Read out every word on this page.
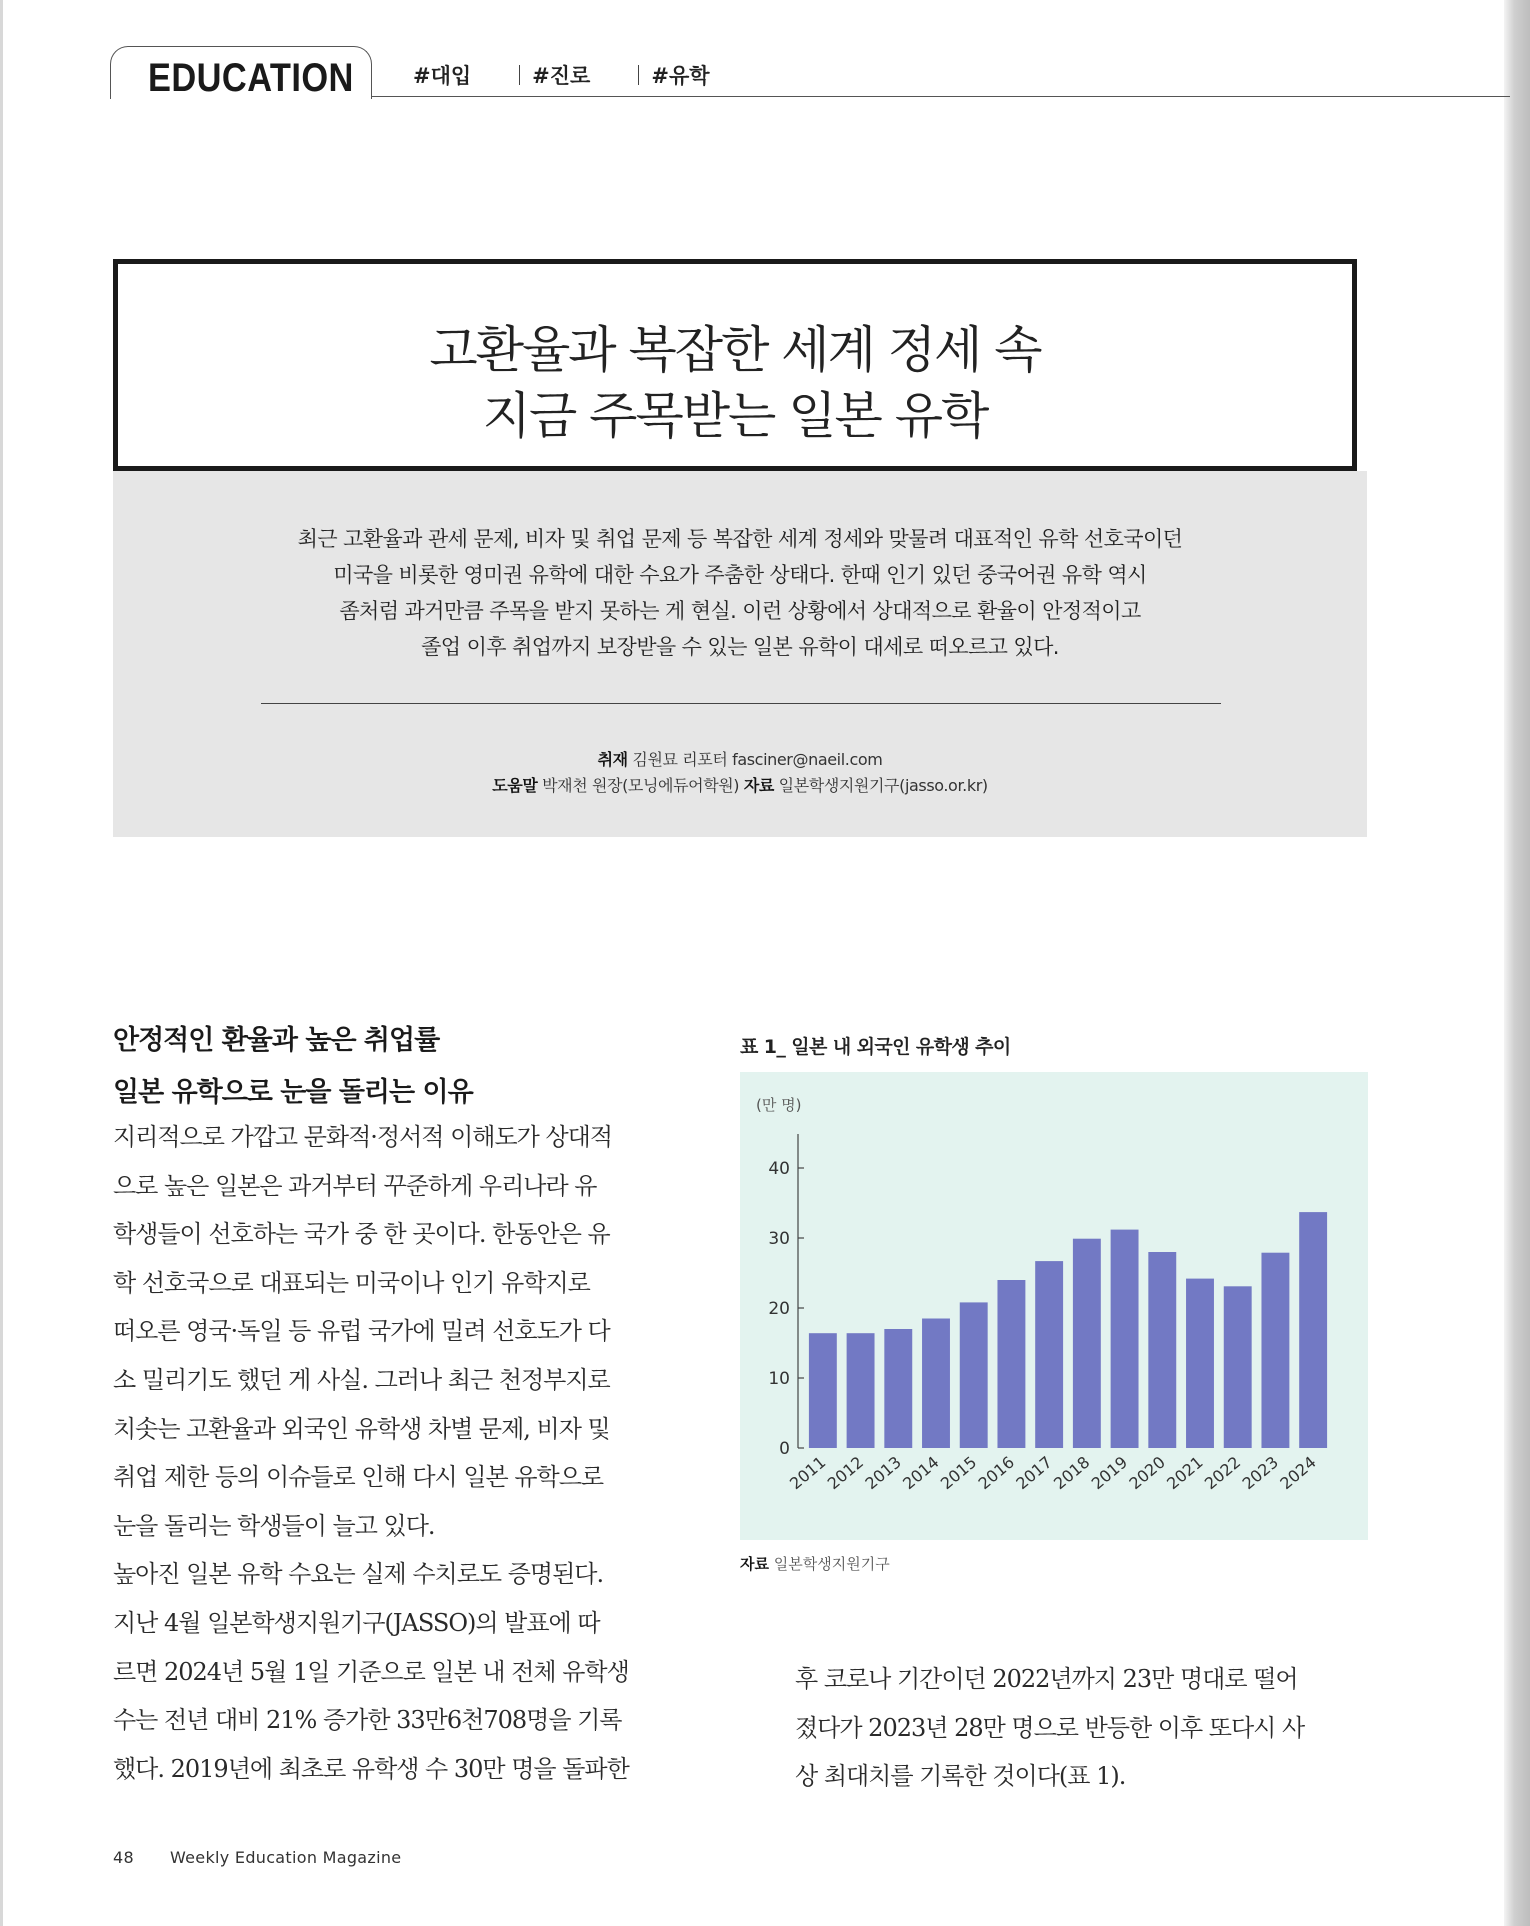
EDUCATION	#대입	#진로	#유학
고환율과 복잡한 세계 정세 속
지금 주목받는 일본 유학
최근 고환율과 관세 문제, 비자 및 취업 문제 등 복잡한 세계 정세와 맞물려 대표적인 유학 선호국이던
미국을 비롯한 영미권 유학에 대한 수요가 주춤한 상태다. 한때 인기 있던 중국어권 유학 역시
좀처럼 과거만큼 주목을 받지 못하는 게 현실. 이런 상황에서 상대적으로 환율이 안정적이고
졸업 이후 취업까지 보장받을 수 있는 일본 유학이 대세로 떠오르고 있다.
취재 김원묘 리포터 fasciner@naeil.com
도움말 박재천 원장(모닝에듀어학원) 자료 일본학생지원기구(jasso.or.kr)
안정적인 환율과 높은 취업률
일본 유학으로 눈을 돌리는 이유
지리적으로 가깝고 문화적·정서적 이해도가 상대적
으로 높은 일본은 과거부터 꾸준하게 우리나라 유
학생들이 선호하는 국가 중 한 곳이다. 한동안은 유
학 선호국으로 대표되는 미국이나 인기 유학지로
떠오른 영국·독일 등 유럽 국가에 밀려 선호도가 다
소 밀리기도 했던 게 사실. 그러나 최근 천정부지로
치솟는 고환율과 외국인 유학생 차별 문제, 비자 및
취업 제한 등의 이슈들로 인해 다시 일본 유학으로
눈을 돌리는 학생들이 늘고 있다.
높아진 일본 유학 수요는 실제 수치로도 증명된다.
지난 4월 일본학생지원기구(JASSO)의 발표에 따
르면 2024년 5월 1일 기준으로 일본 내 전체 유학생
수는 전년 대비 21% 증가한 33만6천708명을 기록
했다. 2019년에 최초로 유학생 수 30만 명을 돌파한
후 코로나 기간이던 2022년까지 23만 명대로 떨어
졌다가 2023년 28만 명으로 반등한 이후 또다시 사
상 최대치를 기록한 것이다(표 1).
표 1_ 일본 내 외국인 유학생 추이
(만 명)
0
10
20
30
40
2011
2012
2013
2014
2015
2016
2017
2018
2019
2020
2021
2022
2023
2024
자료 일본학생지원기구
48 Weekly Education Magazine
